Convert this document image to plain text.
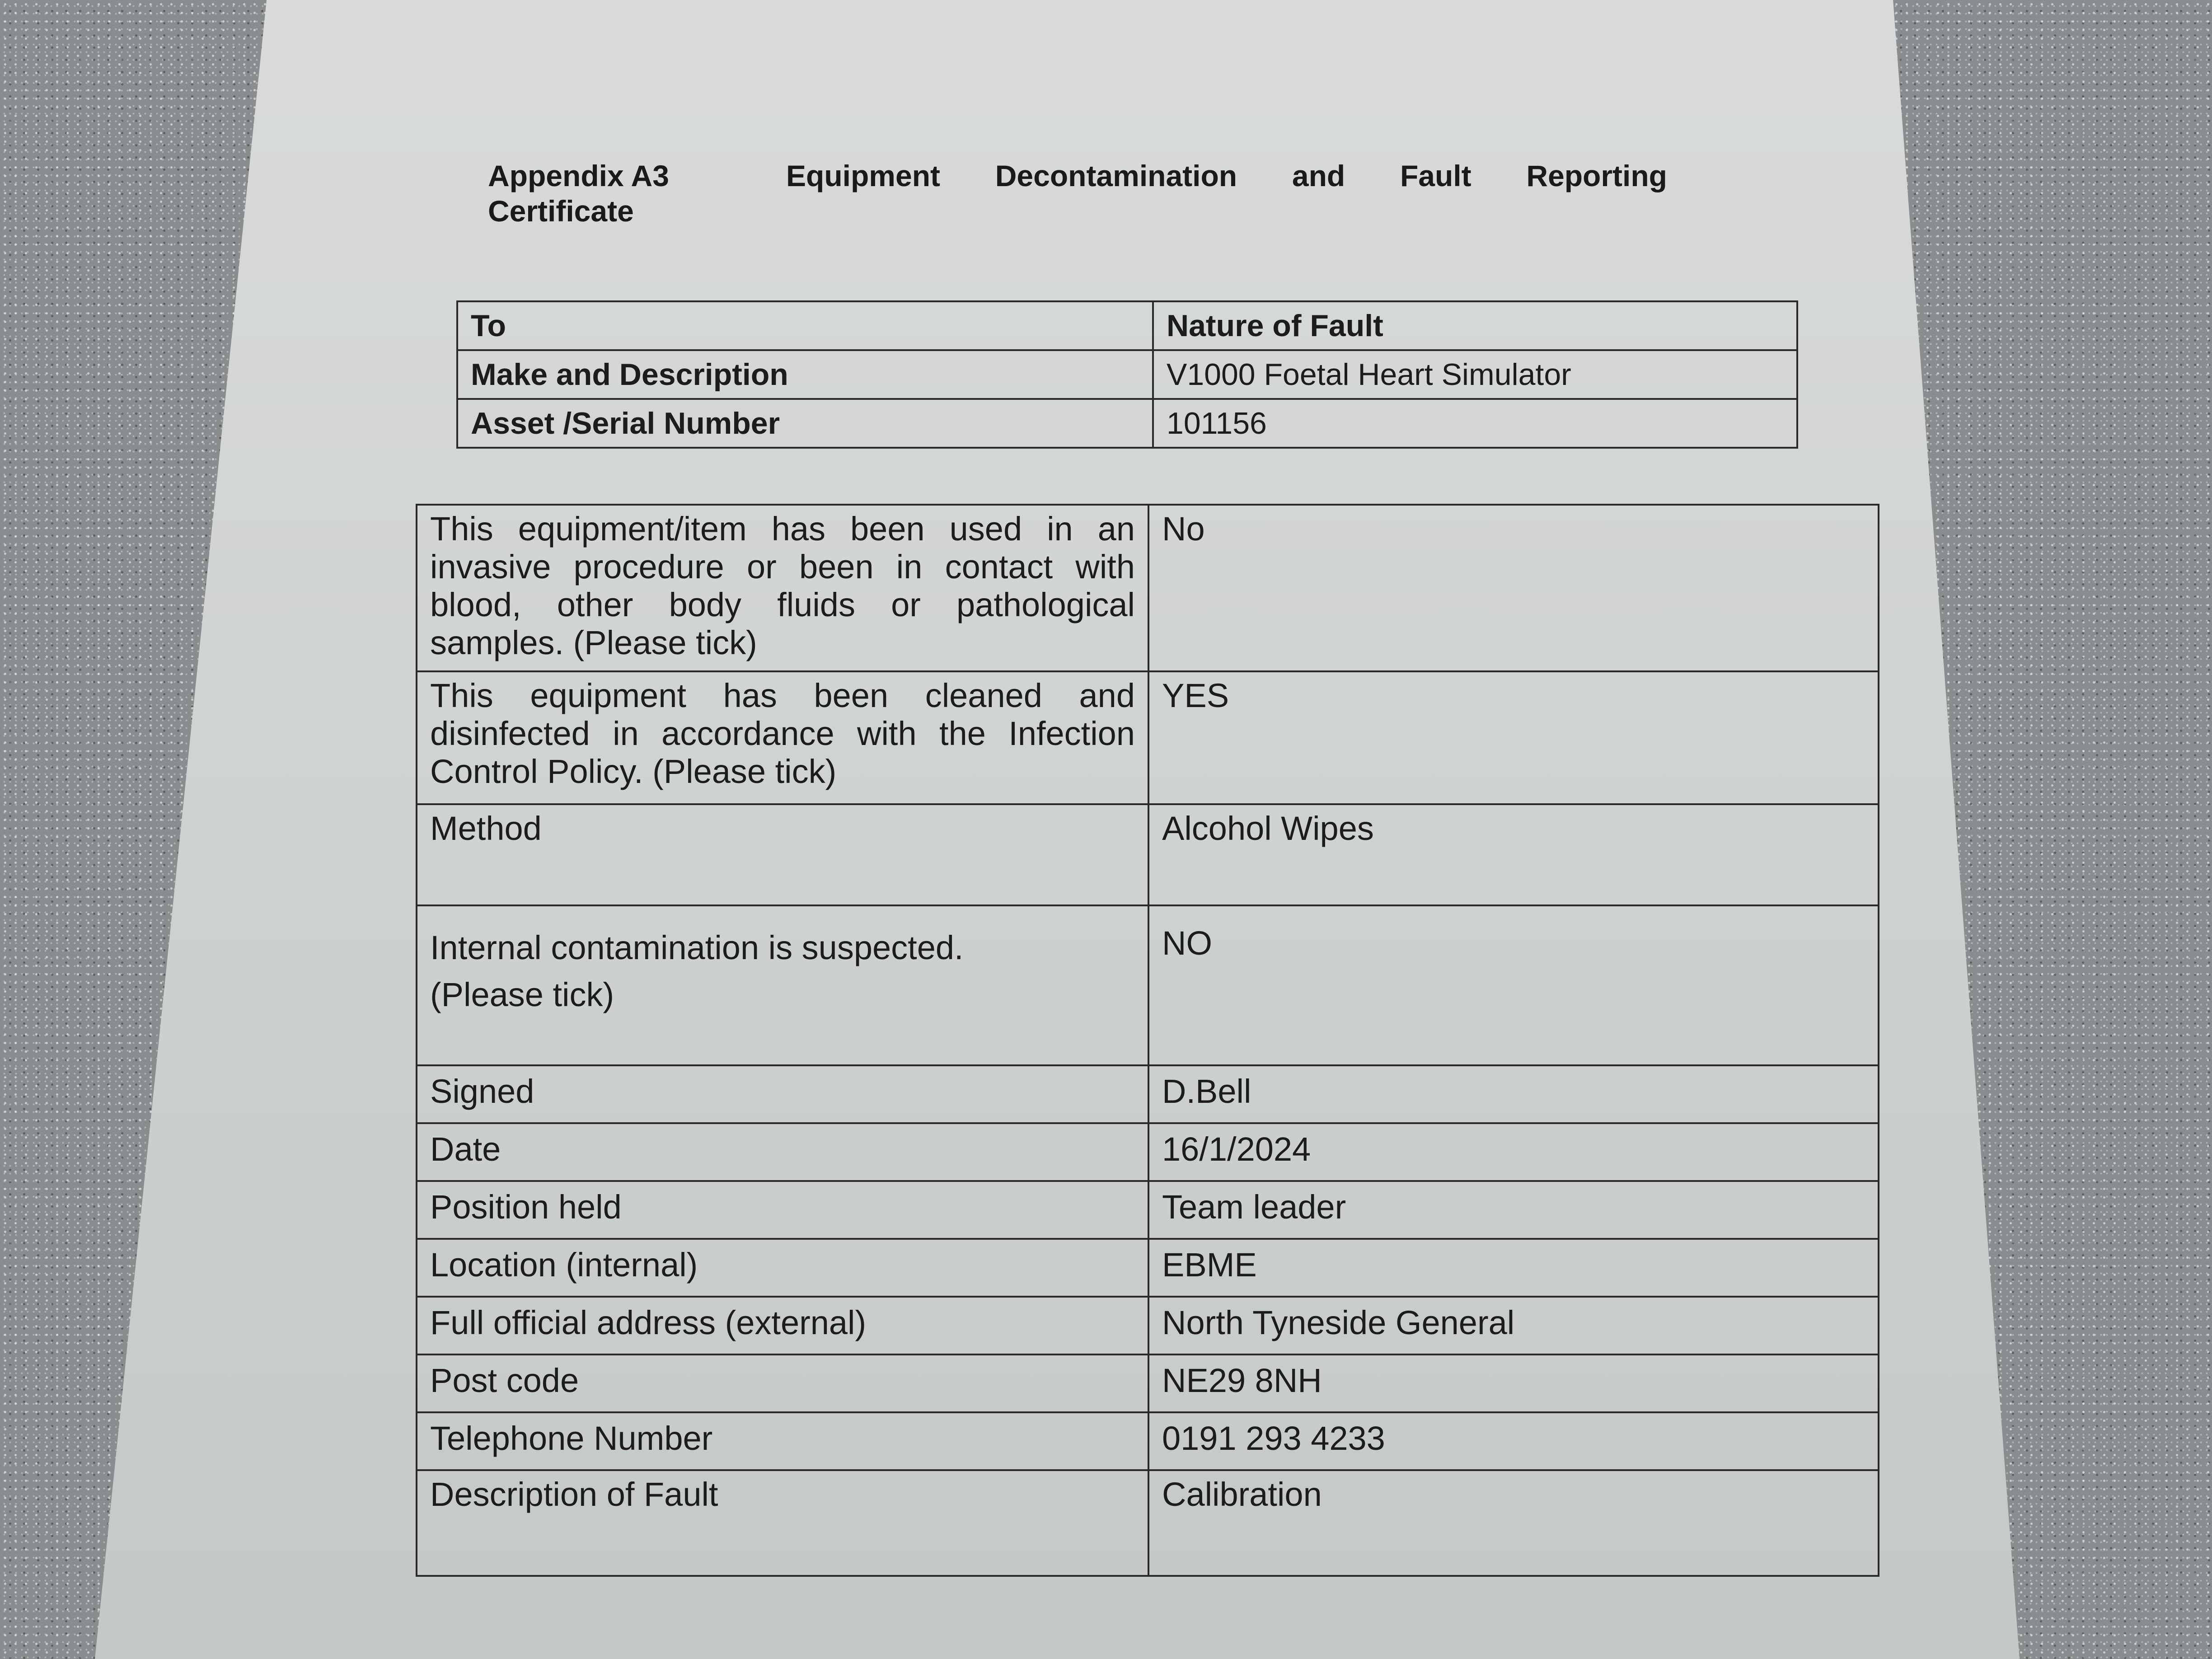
Appendix A3	Equipment Decontamination and Fault Reporting
Certificate
To	Nature of Fault
Make and Description	V1000 Foetal Heart Simulator
Asset /Serial Number	101156
This equipment/item has been used in an invasive procedure or been in contact with blood, other body fluids or pathological samples. (Please tick)	No
This equipment has been cleaned and disinfected in accordance with the Infection Control Policy. (Please tick)	YES
Method	Alcohol Wipes

Internal contamination is suspected.
(Please tick)	NO
Signed	D.Bell
Date	16/1/2024
Position held	Team leader
Location (internal)	EBME
Full official address (external)	North Tyneside General
Post code	NE29 8NH
Telephone Number	0191 293 4233
Description of Fault	Calibration
